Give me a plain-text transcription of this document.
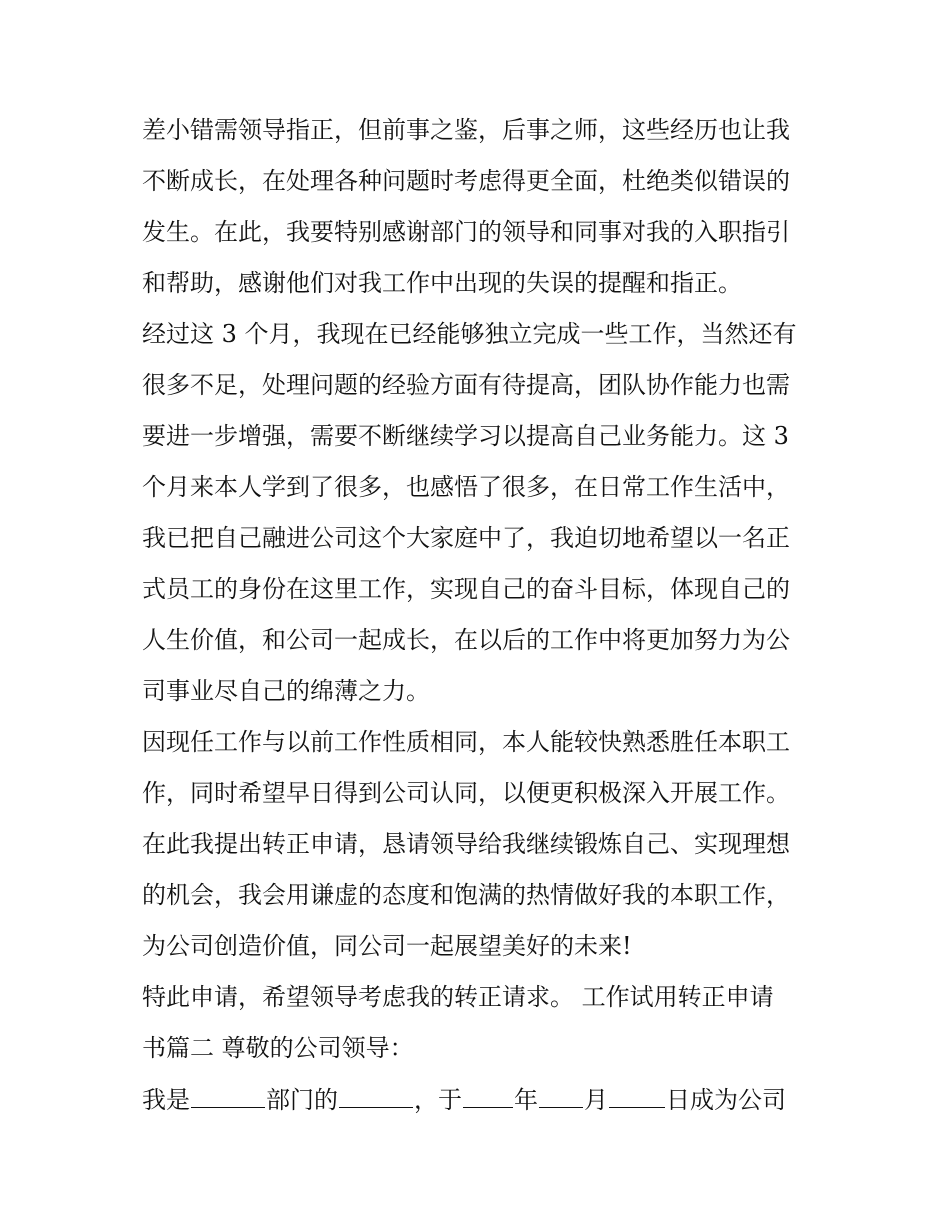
差小错需领导指正，但前事之鉴，后事之师，这些经历也让我
不断成长，在处理各种问题时考虑得更全面，杜绝类似错误的
发生。在此，我要特别感谢部门的领导和同事对我的入职指引
和帮助，感谢他们对我工作中出现的失误的提醒和指正。
经过这 3 个月，我现在已经能够独立完成一些工作，当然还有
很多不足，处理问题的经验方面有待提高，团队协作能力也需
要进一步增强，需要不断继续学习以提高自己业务能力。这 3
个月来本人学到了很多，也感悟了很多，在日常工作生活中，
我已把自己融进公司这个大家庭中了，我迫切地希望以一名正
式员工的身份在这里工作，实现自己的奋斗目标，体现自己的
人生价值，和公司一起成长，在以后的工作中将更加努力为公
司事业尽自己的绵薄之力。
因现任工作与以前工作性质相同，本人能较快熟悉胜任本职工
作，同时希望早日得到公司认同，以便更积极深入开展工作。
在此我提出转正申请，恳请领导给我继续锻炼自己、实现理想
的机会，我会用谦虚的态度和饱满的热情做好我的本职工作，
为公司创造价值，同公司一起展望美好的未来!
特此申请，希望领导考虑我的转正请求。 工作试用转正申请
书篇二 尊敬的公司领导：
我是	部门的	，于 年 月 日成为公司
